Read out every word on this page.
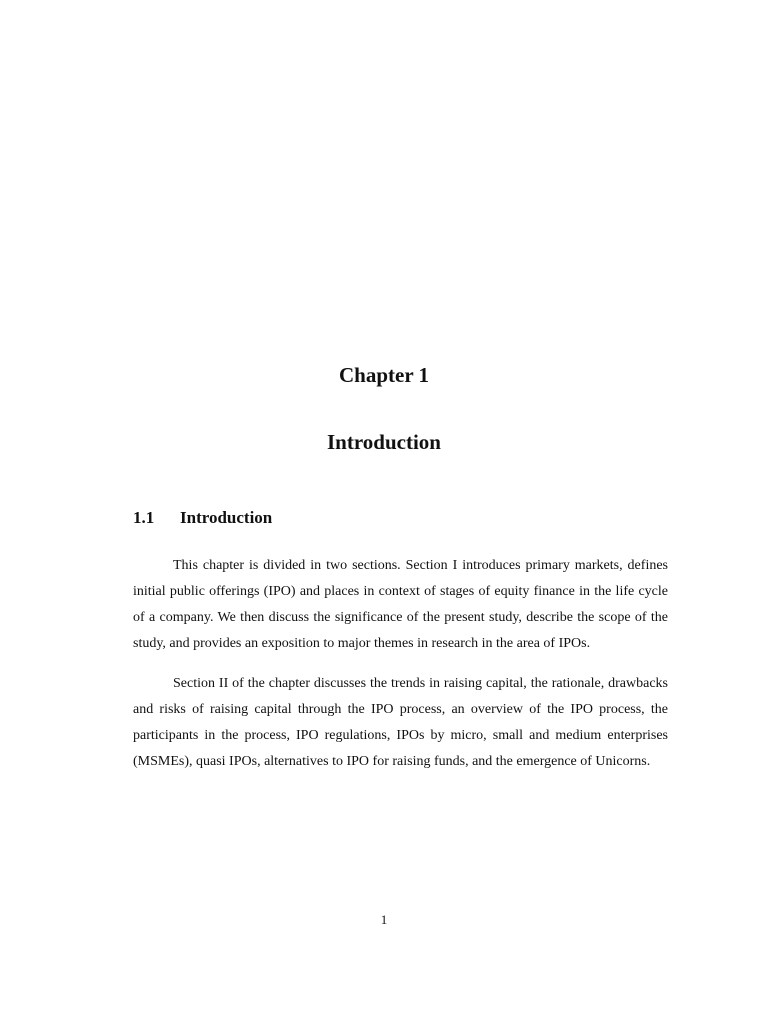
Chapter 1
Introduction
1.1	Introduction

This chapter is divided in two sections. Section I introduces primary markets, defines initial public offerings (IPO) and places in context of stages of equity finance in the life cycle of a company. We then discuss the significance of the present study, describe the scope of the study, and provides an exposition to major themes in research in the area of IPOs.

Section II of the chapter discusses the trends in raising capital, the rationale, drawbacks and risks of raising capital through the IPO process, an overview of the IPO process, the participants in the process, IPO regulations, IPOs by micro, small and medium enterprises (MSMEs), quasi IPOs, alternatives to IPO for raising funds, and the emergence of Unicorns.

1
